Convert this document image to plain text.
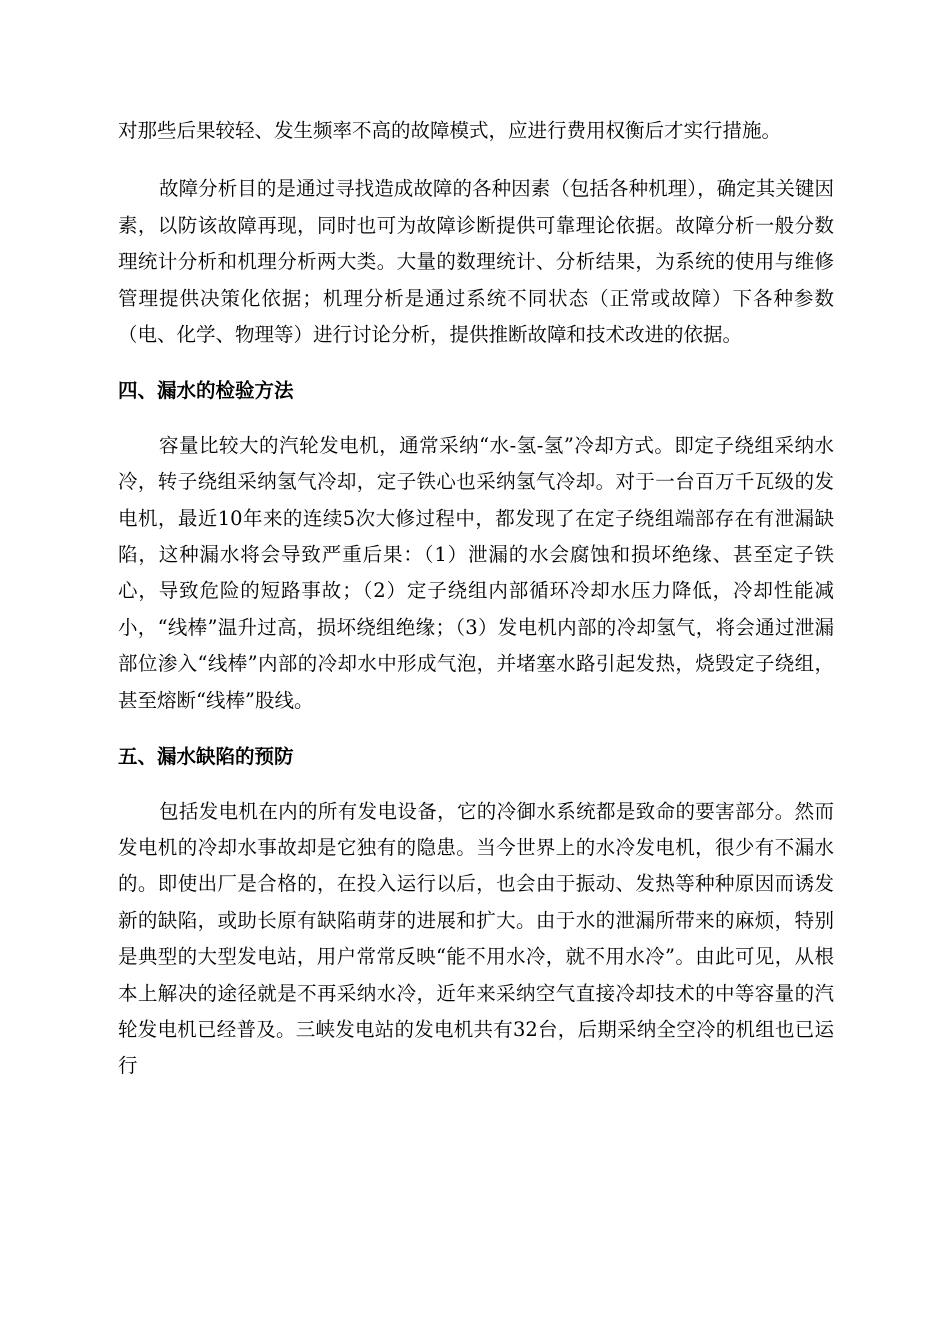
对那些后果较轻、发生频率不高的故障模式，应进行费用权衡后才实行措施。

故障分析目的是通过寻找造成故障的各种因素（包括各种机理），确定其关键因素，以防该故障再现，同时也可为故障诊断提供可靠理论依据。故障分析一般分数理统计分析和机理分析两大类。大量的数理统计、分析结果，为系统的使用与维修管理提供决策化依据；机理分析是通过系统不同状态（正常或故障）下各种参数（电、化学、物理等）进行讨论分析，提供推断故障和技术改进的依据。

四、漏水的检验方法

容量比较大的汽轮发电机，通常采纳“水-氢-氢”冷却方式。即定子绕组采纳水冷，转子绕组采纳氢气冷却，定子铁心也采纳氢气冷却。对于一台百万千瓦级的发电机，最近10年来的连续5次大修过程中，都发现了在定子绕组端部存在有泄漏缺陷，这种漏水将会导致严重后果：（1）泄漏的水会腐蚀和损坏绝缘、甚至定子铁心，导致危险的短路事故；（2）定子绕组内部循环冷却水压力降低，冷却性能减小，“线棒”温升过高，损坏绕组绝缘；（3）发电机内部的冷却氢气，将会通过泄漏部位渗入“线棒”内部的冷却水中形成气泡，并堵塞水路引起发热，烧毁定子绕组，甚至熔断“线棒”股线。

五、漏水缺陷的预防

包括发电机在内的所有发电设备，它的冷御水系统都是致命的要害部分。然而发电机的冷却水事故却是它独有的隐患。当今世界上的水冷发电机，很少有不漏水的。即使出厂是合格的，在投入运行以后，也会由于振动、发热等种种原因而诱发新的缺陷，或助长原有缺陷萌芽的进展和扩大。由于水的泄漏所带来的麻烦，特别是典型的大型发电站，用户常常反映“能不用水冷，就不用水冷”。由此可见，从根本上解决的途径就是不再采纳水冷，近年来采纳空气直接冷却技术的中等容量的汽轮发电机已经普及。三峡发电站的发电机共有32台，后期采纳全空冷的机组也已运行
